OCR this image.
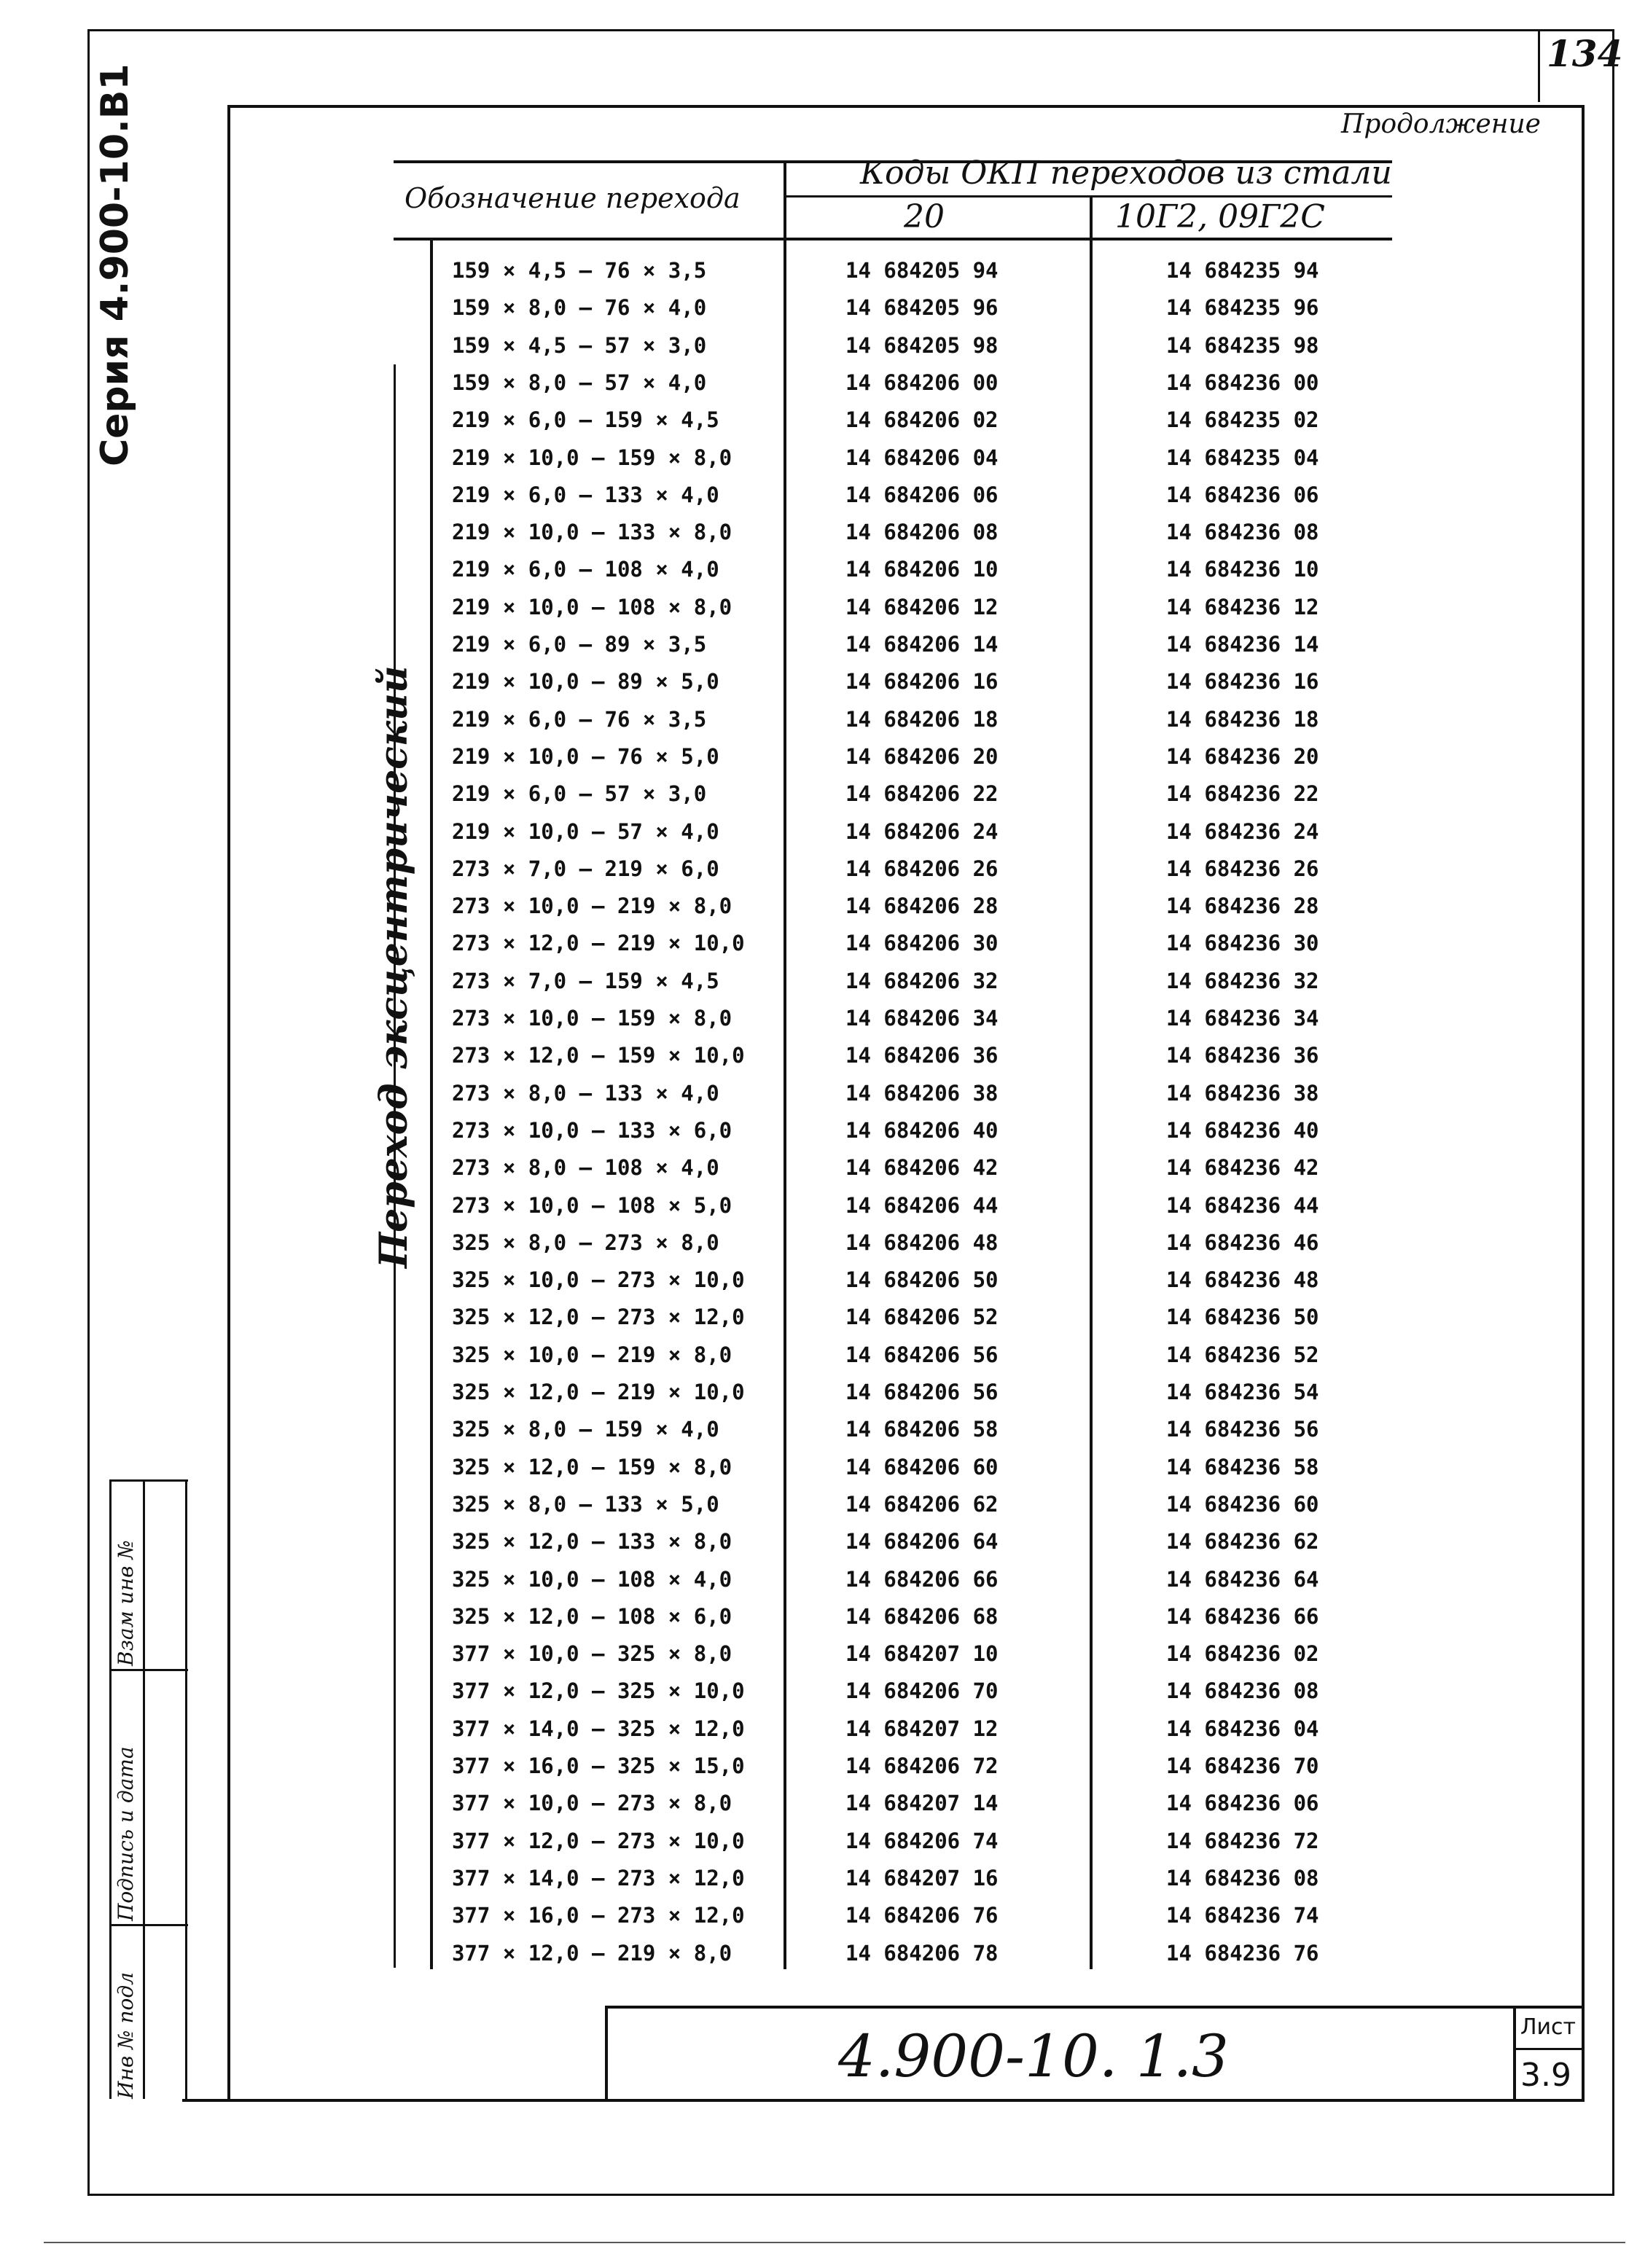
134
Серия 4.900-10.В1	Продолжение
Обозначение перехода
Коды ОКП переходов из стали
20	10Г2, 09Г2С
Переход эксцентрический
159 × 4,5 – 76 × 3,5	14 684205 94	14 684235 94
159 × 8,0 – 76 × 4,0	14 684205 96	14 684235 96
159 × 4,5 – 57 × 3,0	14 684205 98	14 684235 98
159 × 8,0 – 57 × 4,0	14 684206 00	14 684236 00
219 × 6,0 – 159 × 4,5	14 684206 02	14 684235 02
219 × 10,0 – 159 × 8,0	14 684206 04	14 684235 04
219 × 6,0 – 133 × 4,0	14 684206 06	14 684236 06
219 × 10,0 – 133 × 8,0	14 684206 08	14 684236 08
219 × 6,0 – 108 × 4,0	14 684206 10	14 684236 10
219 × 10,0 – 108 × 8,0	14 684206 12	14 684236 12
219 × 6,0 – 89 × 3,5	14 684206 14	14 684236 14
219 × 10,0 – 89 × 5,0	14 684206 16	14 684236 16
219 × 6,0 – 76 × 3,5	14 684206 18	14 684236 18
219 × 10,0 – 76 × 5,0	14 684206 20	14 684236 20
219 × 6,0 – 57 × 3,0	14 684206 22	14 684236 22
219 × 10,0 – 57 × 4,0	14 684206 24	14 684236 24
273 × 7,0 – 219 × 6,0	14 684206 26	14 684236 26
273 × 10,0 – 219 × 8,0	14 684206 28	14 684236 28
273 × 12,0 – 219 × 10,0	14 684206 30	14 684236 30
273 × 7,0 – 159 × 4,5	14 684206 32	14 684236 32
273 × 10,0 – 159 × 8,0	14 684206 34	14 684236 34
273 × 12,0 – 159 × 10,0	14 684206 36	14 684236 36
273 × 8,0 – 133 × 4,0	14 684206 38	14 684236 38
273 × 10,0 – 133 × 6,0	14 684206 40	14 684236 40
273 × 8,0 – 108 × 4,0	14 684206 42	14 684236 42
273 × 10,0 – 108 × 5,0	14 684206 44	14 684236 44
325 × 8,0 – 273 × 8,0	14 684206 48	14 684236 46
325 × 10,0 – 273 × 10,0	14 684206 50	14 684236 48
325 × 12,0 – 273 × 12,0	14 684206 52	14 684236 50
325 × 10,0 – 219 × 8,0	14 684206 56	14 684236 52
325 × 12,0 – 219 × 10,0	14 684206 56	14 684236 54
325 × 8,0 – 159 × 4,0	14 684206 58	14 684236 56
325 × 12,0 – 159 × 8,0	14 684206 60	14 684236 58
325 × 8,0 – 133 × 5,0	14 684206 62	14 684236 60
325 × 12,0 – 133 × 8,0	14 684206 64	14 684236 62
325 × 10,0 – 108 × 4,0	14 684206 66	14 684236 64
325 × 12,0 – 108 × 6,0	14 684206 68	14 684236 66
377 × 10,0 – 325 × 8,0	14 684207 10	14 684236 02
377 × 12,0 – 325 × 10,0	14 684206 70	14 684236 08
377 × 14,0 – 325 × 12,0	14 684207 12	14 684236 04
377 × 16,0 – 325 × 15,0	14 684206 72	14 684236 70
377 × 10,0 – 273 × 8,0	14 684207 14	14 684236 06
377 × 12,0 – 273 × 10,0	14 684206 74	14 684236 72
377 × 14,0 – 273 × 12,0	14 684207 16	14 684236 08
377 × 16,0 – 273 × 12,0	14 684206 76	14 684236 74
377 × 12,0 – 219 × 8,0	14 684206 78	14 684236 76
4.900-10. 1.3	Лист
3.9
Инв № подл
Подпись и дата
Взам инв №
